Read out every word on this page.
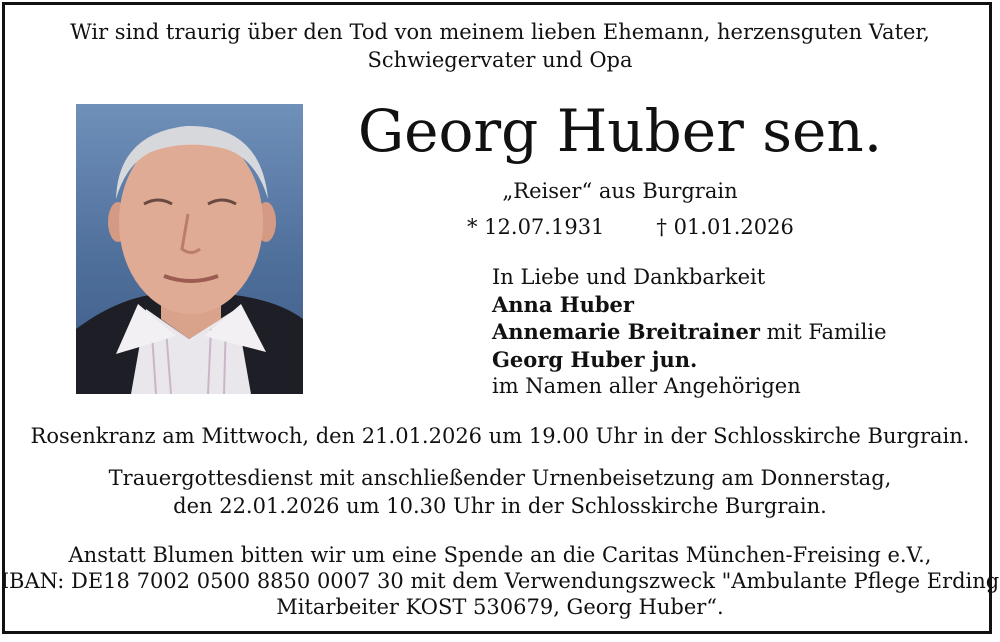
Wir sind traurig über den Tod von meinem lieben Ehemann, herzensguten Vater,
Schwiegervater und Opa
Georg Huber sen.
„Reiser“ aus Burgrain
* 12.07.1931 † 01.01.2026
In Liebe und Dankbarkeit
Anna Huber
Annemarie Breitrainer mit Familie
Georg Huber jun.
im Namen aller Angehörigen
Rosenkranz am Mittwoch, den 21.01.2026 um 19.00 Uhr in der Schlosskirche Burgrain.
Trauergottesdienst mit anschließender Urnenbeisetzung am Donnerstag,
den 22.01.2026 um 10.30 Uhr in der Schlosskirche Burgrain.
Anstatt Blumen bitten wir um eine Spende an die Caritas München-Freising e.V.,
IBAN: DE18 7002 0500 8850 0007 30 mit dem Verwendungszweck "Ambulante Pflege Erding
Mitarbeiter KOST 530679, Georg Huber“.
